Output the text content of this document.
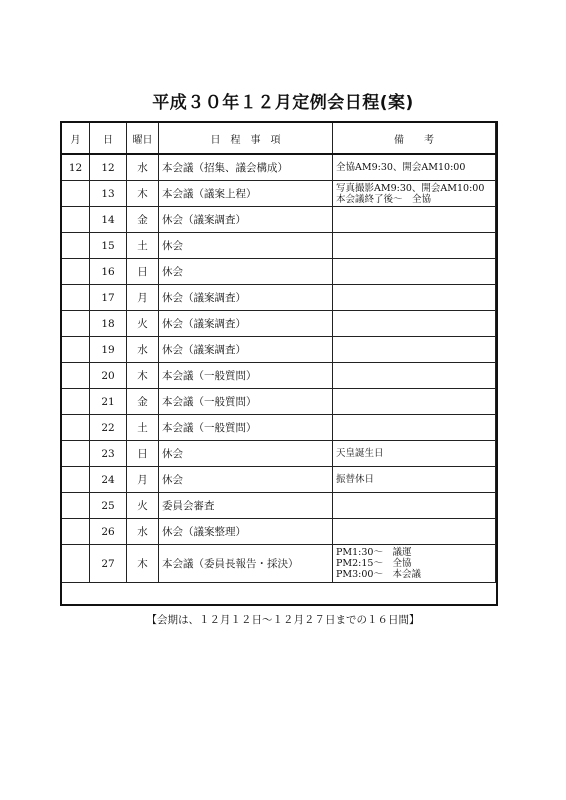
平成３０年１２月定例会日程(案)
月	日	曜日	日　程　事　項	備　　考
12	12	水	本会議（招集、議会構成）	全協AM9:30、開会AM10:00

	13	木	本会議（議案上程）	写真撮影AM9:30、開会AM10:00
本会議終了後～　全協

	14	金	休会（議案調査）	
	15	土	休会	
	16	日	休会	
	17	月	休会（議案調査）	
	18	火	休会（議案調査）	
	19	水	休会（議案調査）	
	20	木	本会議（一般質問）	
	21	金	本会議（一般質問）	
	22	土	本会議（一般質問）	
	23	日	休会	天皇誕生日

	24	月	休会	振替休日

	25	火	委員会審査	
	26	水	休会（議案整理）	
	27	木	本会議（委員長報告・採決）	PM1:30～　議運
PM2:15～　全協
PM3:00～　本会議
【会期は、１２月１２日～１２月２７日までの１６日間】
